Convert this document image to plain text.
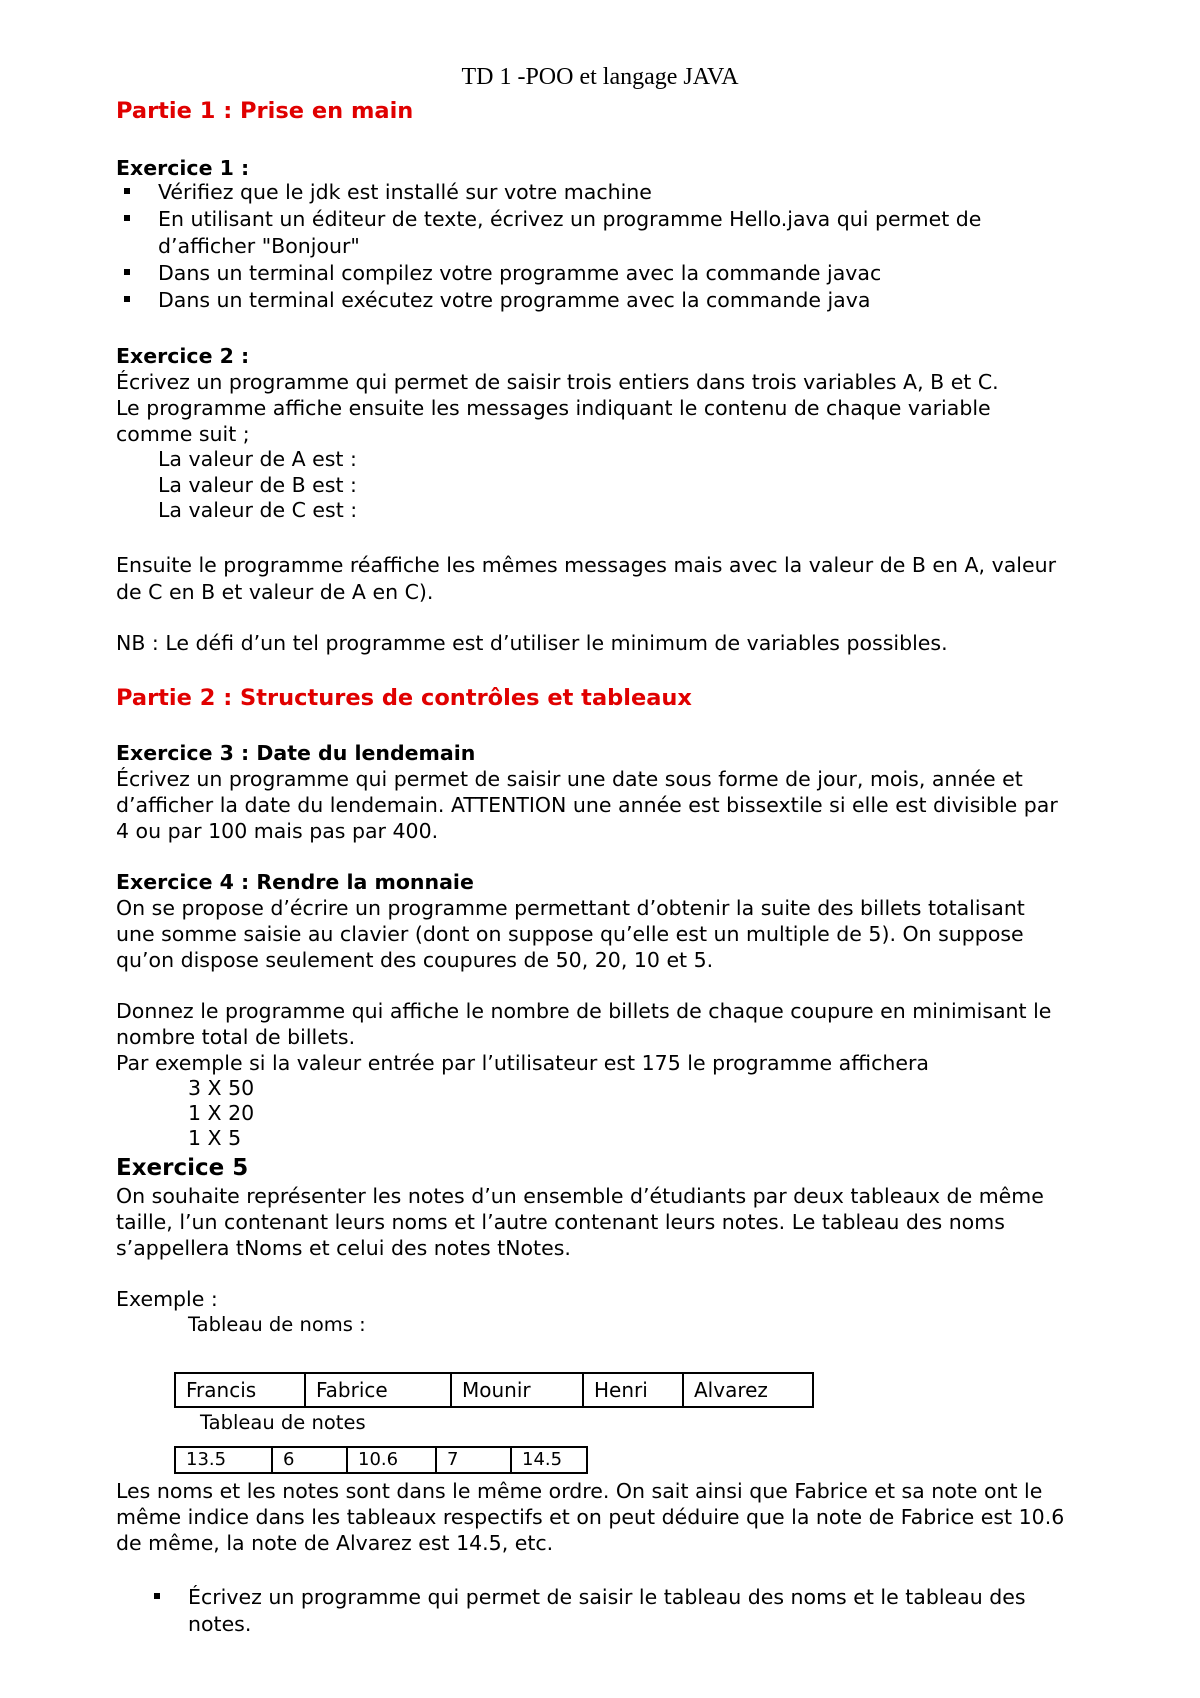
TD 1 -POO et langage JAVA
Partie 1 : Prise en main
Exercice 1 :
Vérifiez que le jdk est installé sur votre machine
En utilisant un éditeur de texte, écrivez un programme Hello.java qui permet de
d’afficher "Bonjour"
Dans un terminal compilez votre programme avec la commande javac
Dans un terminal exécutez votre programme avec la commande java
Exercice 2 :
Écrivez un programme qui permet de saisir trois entiers dans trois variables A, B et C.
Le programme affiche ensuite les messages indiquant le contenu de chaque variable
comme suit ;
La valeur de A est :
La valeur de B est :
La valeur de C est :
Ensuite le programme réaffiche les mêmes messages mais avec la valeur de B en A, valeur
de C en B et valeur de A en C).
NB : Le défi d’un tel programme est d’utiliser le minimum de variables possibles.
Partie 2 : Structures de contrôles et tableaux
Exercice 3 : Date du lendemain
Écrivez un programme qui permet de saisir une date sous forme de jour, mois, année et
d’afficher la date du lendemain. ATTENTION une année est bissextile si elle est divisible par
4 ou par 100 mais pas par 400.
Exercice 4 : Rendre la monnaie
On se propose d’écrire un programme permettant d’obtenir la suite des billets totalisant
une somme saisie au clavier (dont on suppose qu’elle est un multiple de 5). On suppose
qu’on dispose seulement des coupures de 50, 20, 10 et 5.
Donnez le programme qui affiche le nombre de billets de chaque coupure en minimisant le
nombre total de billets.
Par exemple si la valeur entrée par l’utilisateur est 175 le programme affichera
3 X 50
1 X 20
1 X 5
Exercice 5
On souhaite représenter les notes d’un ensemble d’étudiants par deux tableaux de même
taille, l’un contenant leurs noms et l’autre contenant leurs notes. Le tableau des noms
s’appellera tNoms et celui des notes tNotes.
Exemple :
Tableau de noms :
Francis	Fabrice	Mounir	Henri	Alvarez
Tableau de notes
13.5	6	10.6	7	14.5
Les noms et les notes sont dans le même ordre. On sait ainsi que Fabrice et sa note ont le
même indice dans les tableaux respectifs et on peut déduire que la note de Fabrice est 10.6
de même, la note de Alvarez est 14.5, etc.
Écrivez un programme qui permet de saisir le tableau des noms et le tableau des
notes.
